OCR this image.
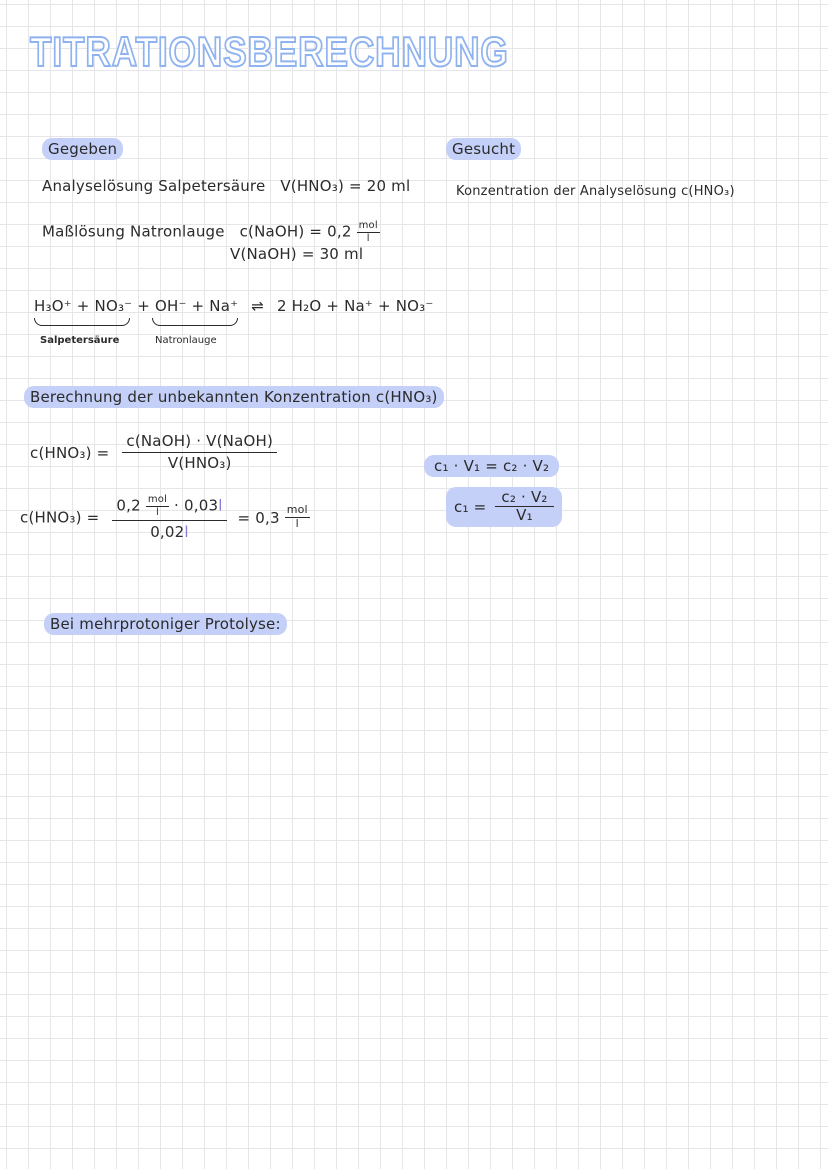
TITRATIONSBERECHNUNG
Gegeben
Analyselösung Salpetersäure V(HNO₃) = 20 ml
Maßlösung Natronlauge c(NaOH) = $0,2 \frac{\text{mol}}{l}$
V(NaOH) = 30 ml
Gesucht
Konzentration der Analyselösung c(HNO₃)
H₃O⁺ + NO₃⁻ + OH⁻ + Na⁺ ⇌ 2 H₂O + Na⁺ + NO₃⁻
Salpetersäure	Natronlauge
Berechnung der unbekannten Konzentration c(HNO₃)
$c(HNO_3) = \frac{\text{c(NaOH) · V(NaOH)}}{\text{V(HNO₃)}}$
$c(HNO_3) = \frac{0,2 \frac{\text{mol}}{l} \cdot 0,03l}{0,02l} = 0,3 \frac{\text{mol}}{l}$
c₁ · V₁ = c₂ · V₂
$c_1 = \frac{\text{c₂ · V₂}}{\text{V₁}}$
Bei mehrprotoniger Protolyse:
